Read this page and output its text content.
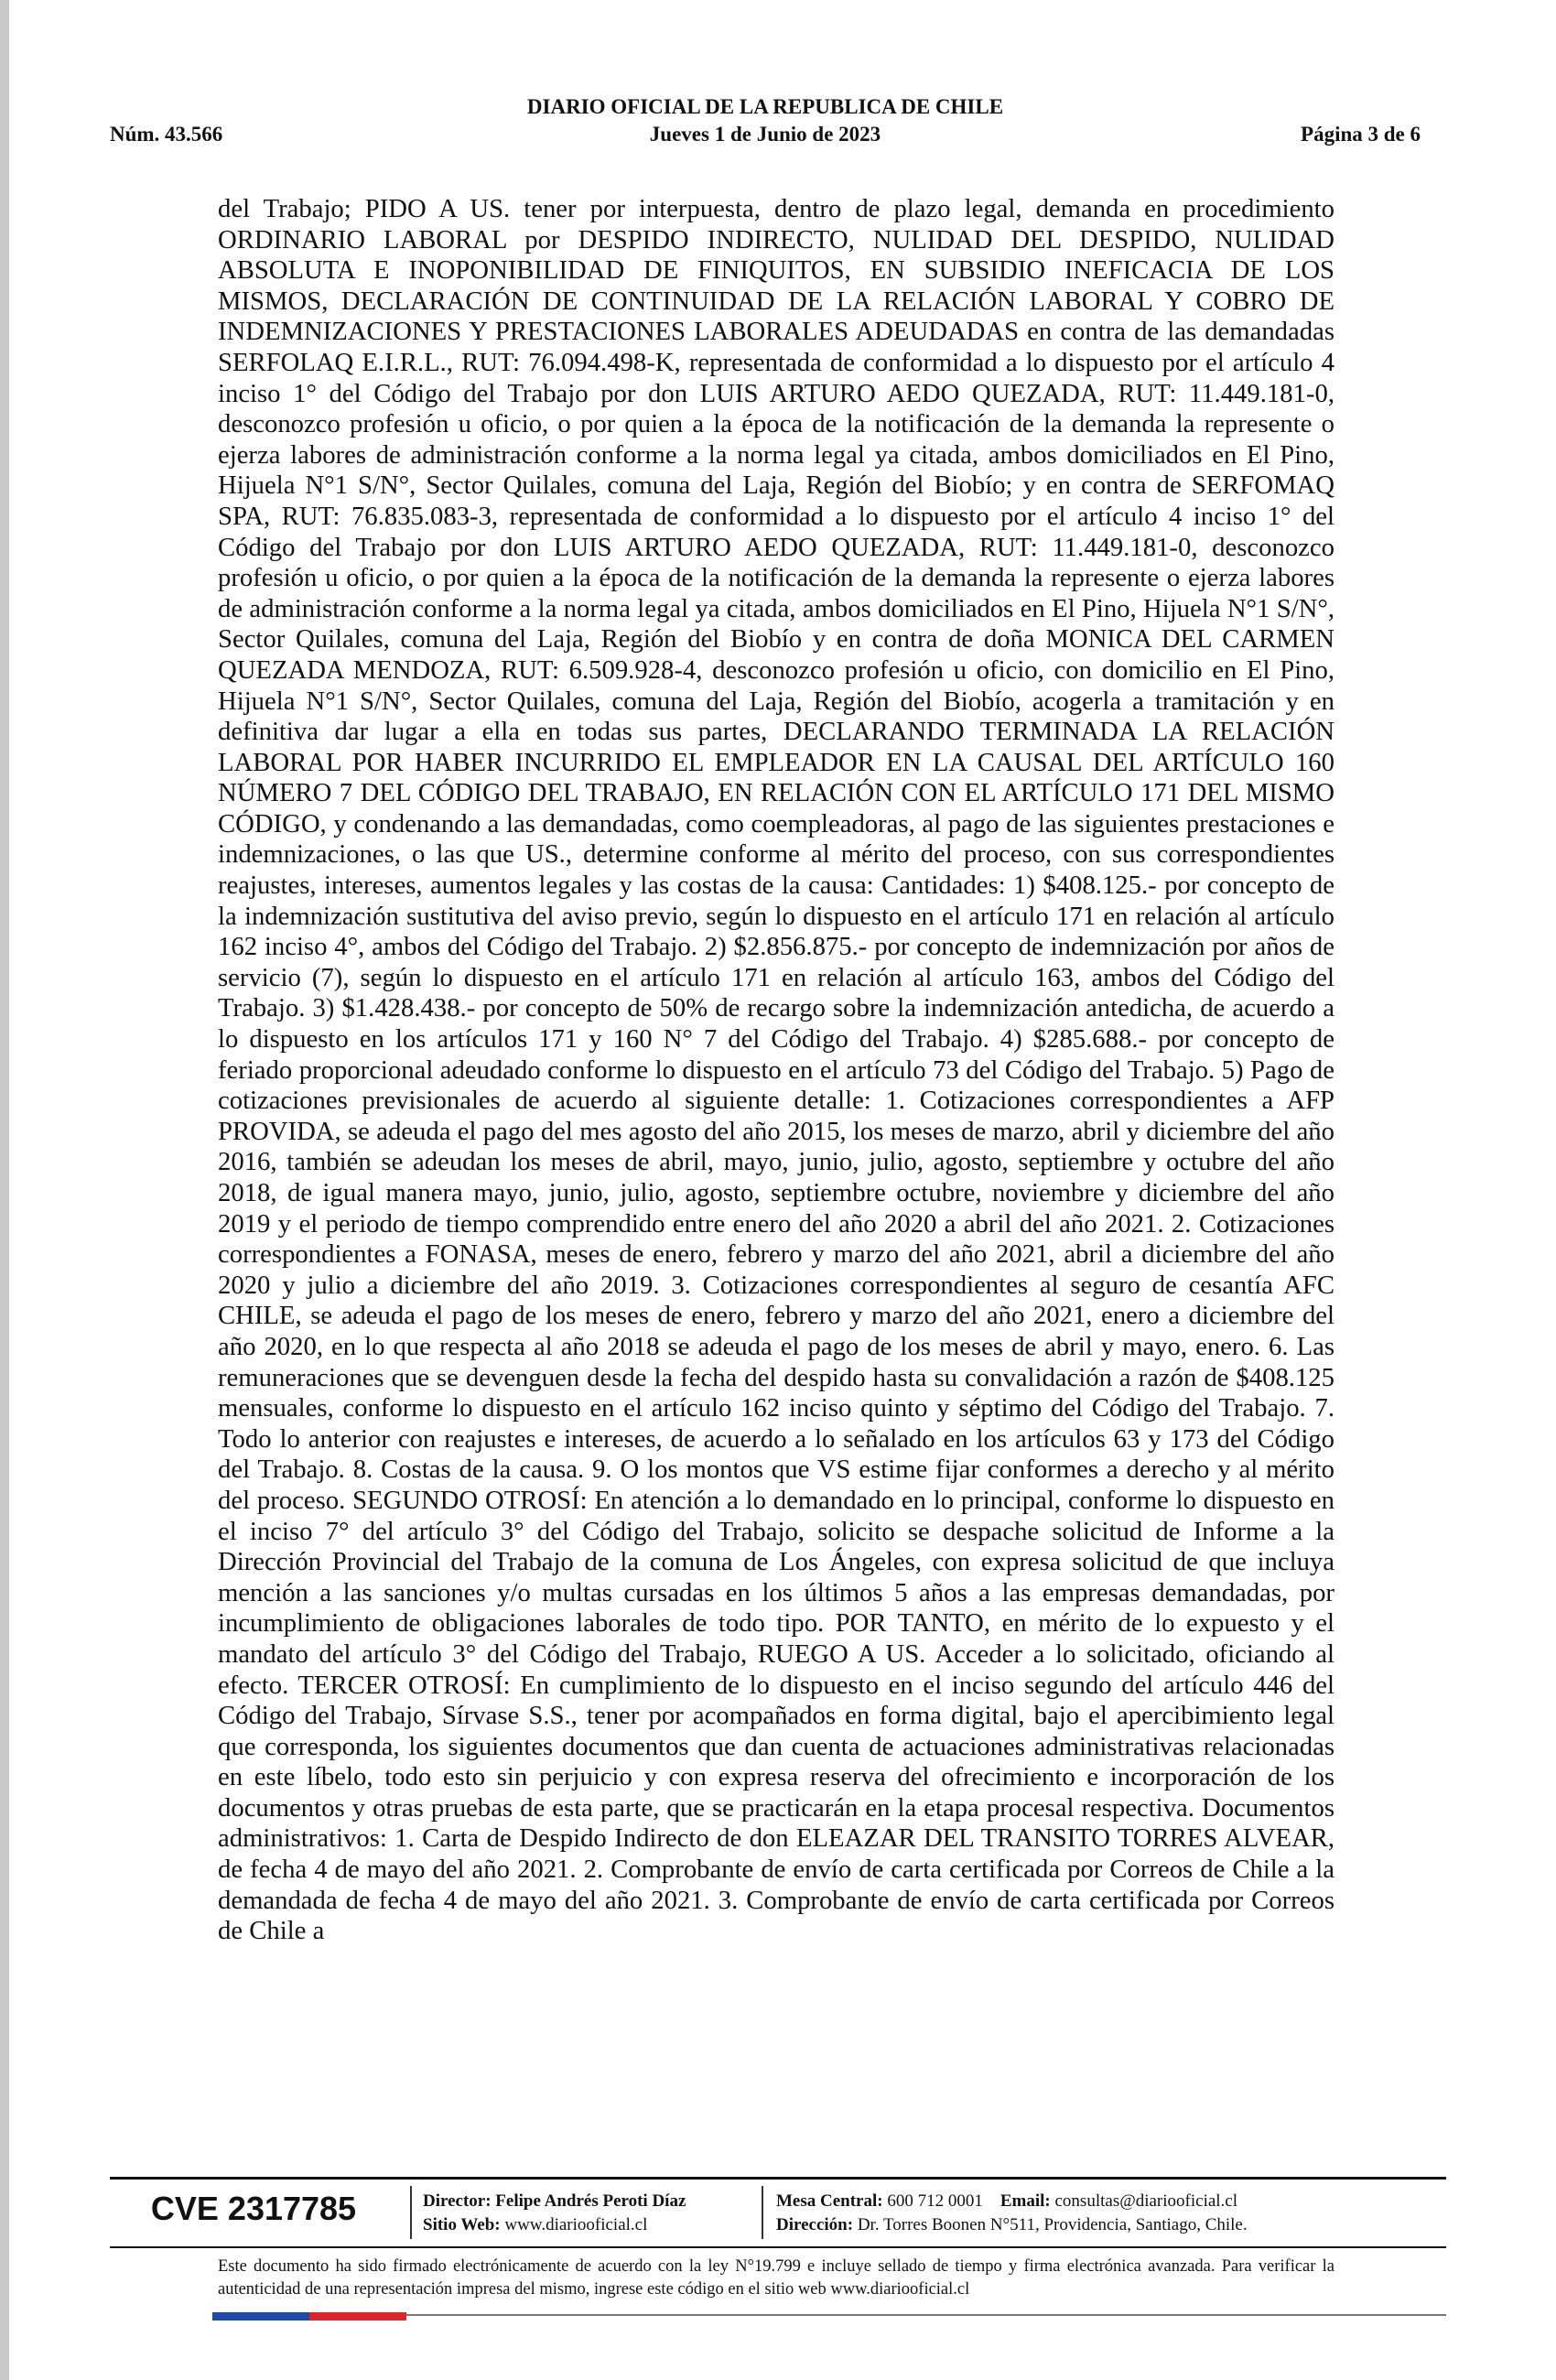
DIARIO OFICIAL DE LA REPUBLICA DE CHILE
Núm. 43.566	Jueves 1 de Junio de 2023	Página 3 de 6
del Trabajo; PIDO A US. tener por interpuesta, dentro de plazo legal, demanda en procedimiento ORDINARIO LABORAL por DESPIDO INDIRECTO, NULIDAD DEL DESPIDO, NULIDAD ABSOLUTA E INOPONIBILIDAD DE FINIQUITOS, EN SUBSIDIO INEFICACIA DE LOS MISMOS, DECLARACIÓN DE CONTINUIDAD DE LA RELACIÓN LABORAL Y COBRO DE INDEMNIZACIONES Y PRESTACIONES LABORALES ADEUDADAS en contra de las demandadas SERFOLAQ E.I.R.L., RUT: 76.094.498-K, representada de conformidad a lo dispuesto por el artículo 4 inciso 1° del Código del Trabajo por don LUIS ARTURO AEDO QUEZADA, RUT: 11.449.181-0, desconozco profesión u oficio, o por quien a la época de la notificación de la demanda la represente o ejerza labores de administración conforme a la norma legal ya citada, ambos domiciliados en El Pino, Hijuela N°1 S/N°, Sector Quilales, comuna del Laja, Región del Biobío; y en contra de SERFOMAQ SPA, RUT: 76.835.083-3, representada de conformidad a lo dispuesto por el artículo 4 inciso 1° del Código del Trabajo por don LUIS ARTURO AEDO QUEZADA, RUT: 11.449.181-0, desconozco profesión u oficio, o por quien a la época de la notificación de la demanda la represente o ejerza labores de administración conforme a la norma legal ya citada, ambos domiciliados en El Pino, Hijuela N°1 S/N°, Sector Quilales, comuna del Laja, Región del Biobío y en contra de doña MONICA DEL CARMEN QUEZADA MENDOZA, RUT: 6.509.928-4, desconozco profesión u oficio, con domicilio en El Pino, Hijuela N°1 S/N°, Sector Quilales, comuna del Laja, Región del Biobío, acogerla a tramitación y en definitiva dar lugar a ella en todas sus partes, DECLARANDO TERMINADA LA RELACIÓN LABORAL POR HABER INCURRIDO EL EMPLEADOR EN LA CAUSAL DEL ARTÍCULO 160 NÚMERO 7 DEL CÓDIGO DEL TRABAJO, EN RELACIÓN CON EL ARTÍCULO 171 DEL MISMO CÓDIGO, y condenando a las demandadas, como coempleadoras, al pago de las siguientes prestaciones e indemnizaciones, o las que US., determine conforme al mérito del proceso, con sus correspondientes reajustes, intereses, aumentos legales y las costas de la causa: Cantidades: 1) $408.125.- por concepto de la indemnización sustitutiva del aviso previo, según lo dispuesto en el artículo 171 en relación al artículo 162 inciso 4°, ambos del Código del Trabajo. 2) $2.856.875.- por concepto de indemnización por años de servicio (7), según lo dispuesto en el artículo 171 en relación al artículo 163, ambos del Código del Trabajo. 3) $1.428.438.- por concepto de 50% de recargo sobre la indemnización antedicha, de acuerdo a lo dispuesto en los artículos 171 y 160 N° 7 del Código del Trabajo. 4) $285.688.- por concepto de feriado proporcional adeudado conforme lo dispuesto en el artículo 73 del Código del Trabajo. 5) Pago de cotizaciones previsionales de acuerdo al siguiente detalle: 1. Cotizaciones correspondientes a AFP PROVIDA, se adeuda el pago del mes agosto del año 2015, los meses de marzo, abril y diciembre del año 2016, también se adeudan los meses de abril, mayo, junio, julio, agosto, septiembre y octubre del año 2018, de igual manera mayo, junio, julio, agosto, septiembre octubre, noviembre y diciembre del año 2019 y el periodo de tiempo comprendido entre enero del año 2020 a abril del año 2021. 2. Cotizaciones correspondientes a FONASA, meses de enero, febrero y marzo del año 2021, abril a diciembre del año 2020 y julio a diciembre del año 2019. 3. Cotizaciones correspondientes al seguro de cesantía AFC CHILE, se adeuda el pago de los meses de enero, febrero y marzo del año 2021, enero a diciembre del año 2020, en lo que respecta al año 2018 se adeuda el pago de los meses de abril y mayo, enero. 6. Las remuneraciones que se devenguen desde la fecha del despido hasta su convalidación a razón de $408.125 mensuales, conforme lo dispuesto en el artículo 162 inciso quinto y séptimo del Código del Trabajo. 7. Todo lo anterior con reajustes e intereses, de acuerdo a lo señalado en los artículos 63 y 173 del Código del Trabajo. 8. Costas de la causa. 9. O los montos que VS estime fijar conformes a derecho y al mérito del proceso. SEGUNDO OTROSÍ: En atención a lo demandado en lo principal, conforme lo dispuesto en el inciso 7° del artículo 3° del Código del Trabajo, solicito se despache solicitud de Informe a la Dirección Provincial del Trabajo de la comuna de Los Ángeles, con expresa solicitud de que incluya mención a las sanciones y/o multas cursadas en los últimos 5 años a las empresas demandadas, por incumplimiento de obligaciones laborales de todo tipo. POR TANTO, en mérito de lo expuesto y el mandato del artículo 3° del Código del Trabajo, RUEGO A US. Acceder a lo solicitado, oficiando al efecto. TERCER OTROSÍ: En cumplimiento de lo dispuesto en el inciso segundo del artículo 446 del Código del Trabajo, Sírvase S.S., tener por acompañados en forma digital, bajo el apercibimiento legal que corresponda, los siguientes documentos que dan cuenta de actuaciones administrativas relacionadas en este líbelo, todo esto sin perjuicio y con expresa reserva del ofrecimiento e incorporación de los documentos y otras pruebas de esta parte, que se practicarán en la etapa procesal respectiva. Documentos administrativos: 1. Carta de Despido Indirecto de don ELEAZAR DEL TRANSITO TORRES ALVEAR, de fecha 4 de mayo del año 2021. 2. Comprobante de envío de carta certificada por Correos de Chile a la demandada de fecha 4 de mayo del año 2021. 3. Comprobante de envío de carta certificada por Correos de Chile a
CVE 2317785	Director: Felipe Andrés Peroti Díaz
Sitio Web: www.diariooficial.cl
Mesa Central: 600 712 0001 Email: consultas@diariooficial.cl
Dirección: Dr. Torres Boonen N°511, Providencia, Santiago, Chile.
Este documento ha sido firmado electrónicamente de acuerdo con la ley N°19.799 e incluye sellado de tiempo y firma electrónica avanzada. Para verificar la autenticidad de una representación impresa del mismo, ingrese este código en el sitio web www.diariooficial.cl
